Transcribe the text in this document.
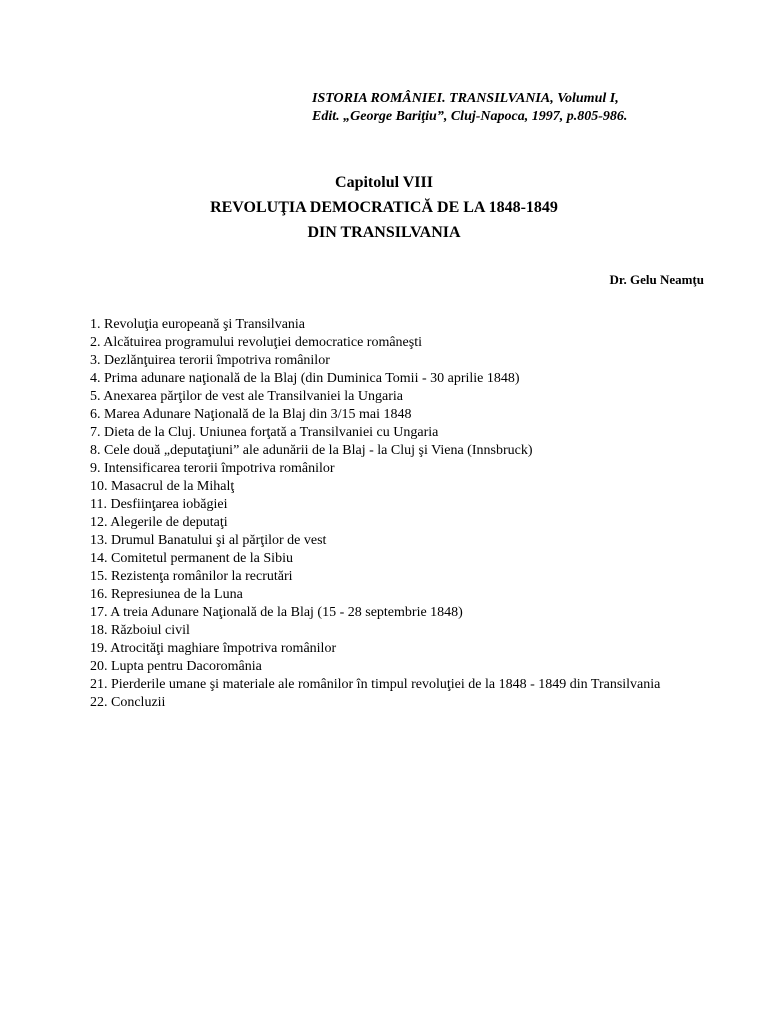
ISTORIA ROMÂNIEI. TRANSILVANIA, Volumul I,
Edit. „George Bariţiu”, Cluj-Napoca, 1997, p.805-986.
Capitolul VIII
REVOLUŢIA DEMOCRATICĂ DE LA 1848-1849
DIN TRANSILVANIA
Dr. Gelu Neamţu
1. Revoluţia europeană şi Transilvania
2. Alcătuirea programului revoluţiei democratice româneşti
3. Dezlănţuirea terorii împotriva românilor
4. Prima adunare naţională de la Blaj (din Duminica Tomii - 30 aprilie 1848)
5. Anexarea părţilor de vest ale Transilvaniei la Ungaria
6. Marea Adunare Naţională de la Blaj din 3/15 mai 1848
7. Dieta de la Cluj. Uniunea forţată a Transilvaniei cu Ungaria
8. Cele două „deputaţiuni” ale adunării de la Blaj - la Cluj şi Viena (Innsbruck)
9. Intensificarea terorii împotriva românilor
10. Masacrul de la Mihalţ
11. Desfiinţarea iobăgiei
12. Alegerile de deputaţi
13. Drumul Banatului şi al părţilor de vest
14. Comitetul permanent de la Sibiu
15. Rezistenţa românilor la recrutări
16. Represiunea de la Luna
17. A treia Adunare Naţională de la Blaj (15 - 28 septembrie 1848)
18. Războiul civil
19. Atrocităţi maghiare împotriva românilor
20. Lupta pentru Dacoromânia
21. Pierderile umane şi materiale ale românilor în timpul revoluţiei de la 1848 - 1849 din Transilvania
22. Concluzii
